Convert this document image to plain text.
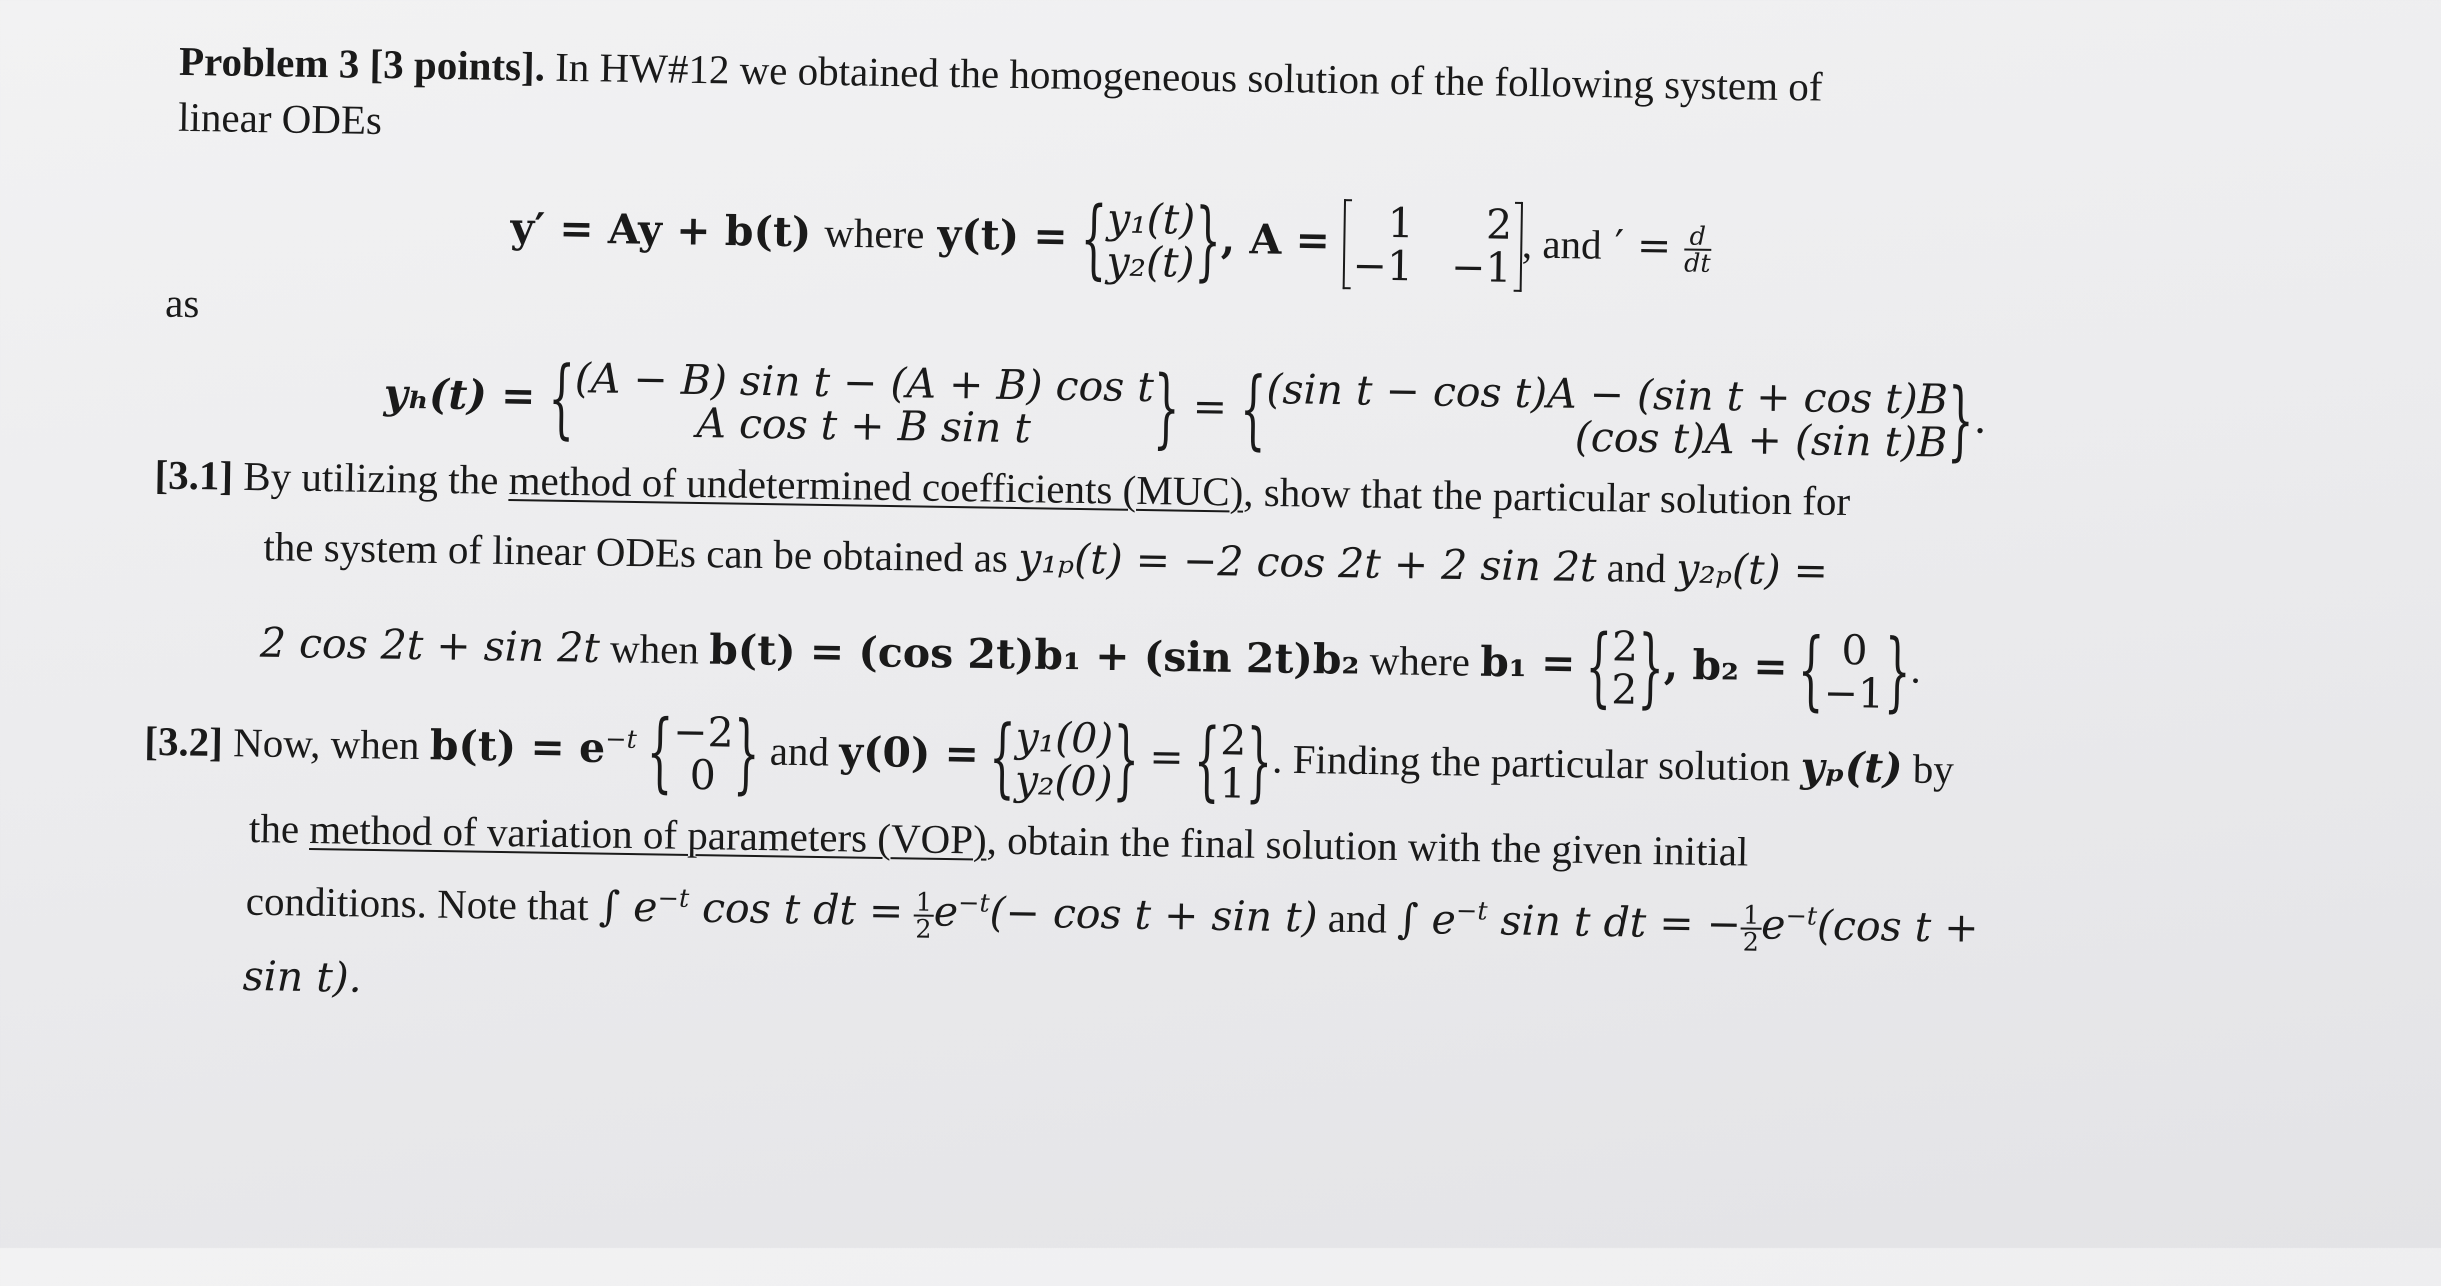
Problem 3 [3 points]. In HW#12 we obtained the homogeneous solution of the following system of
linear ODEs
y′ = Ay + b(t) where y(t) = { y₁(t)
y₂(t) }, A =	1	2
−1 −1 , and ′ = $\frac{d}{dt}$
as
yₕ(t) = { (A − B) sin t − (A + B) cos t
A cos t + B sin t	} = { (sin t − cos t)A − (sin t + cos t)B
(cos t)A + (sin t)B }.
[3.1] By utilizing the method of undetermined coefficients (MUC), show that the particular solution for
the system of linear ODEs can be obtained as y₁ₚ(t) = −2 cos 2t + 2 sin 2t and y₂ₚ(t) =
2 cos 2t + sin 2t when b(t) = (cos 2t)b₁ + (sin 2t)b₂ where b₁ = { 2
2 }, b₂ = { 0
−1 }.
[3.2] Now, when $b(t) = e^{-t}$ { −2
0 } and y(0) = { y₁(0)
y₂(0) } = { 2
1 }. Finding the particular solution yₚ(t) by
the method of variation of parameters (VOP), obtain the final solution with the given initial
conditions. Note that ∫ $e^{-t}$ cos t dt = $\frac{1}{2} e^{-t}(- \cos t + \sin t)$ and ∫ $e^{-t}$ sin t dt = − $\frac{1}{2} e^{-t}(\cos$ t +
sin t).
